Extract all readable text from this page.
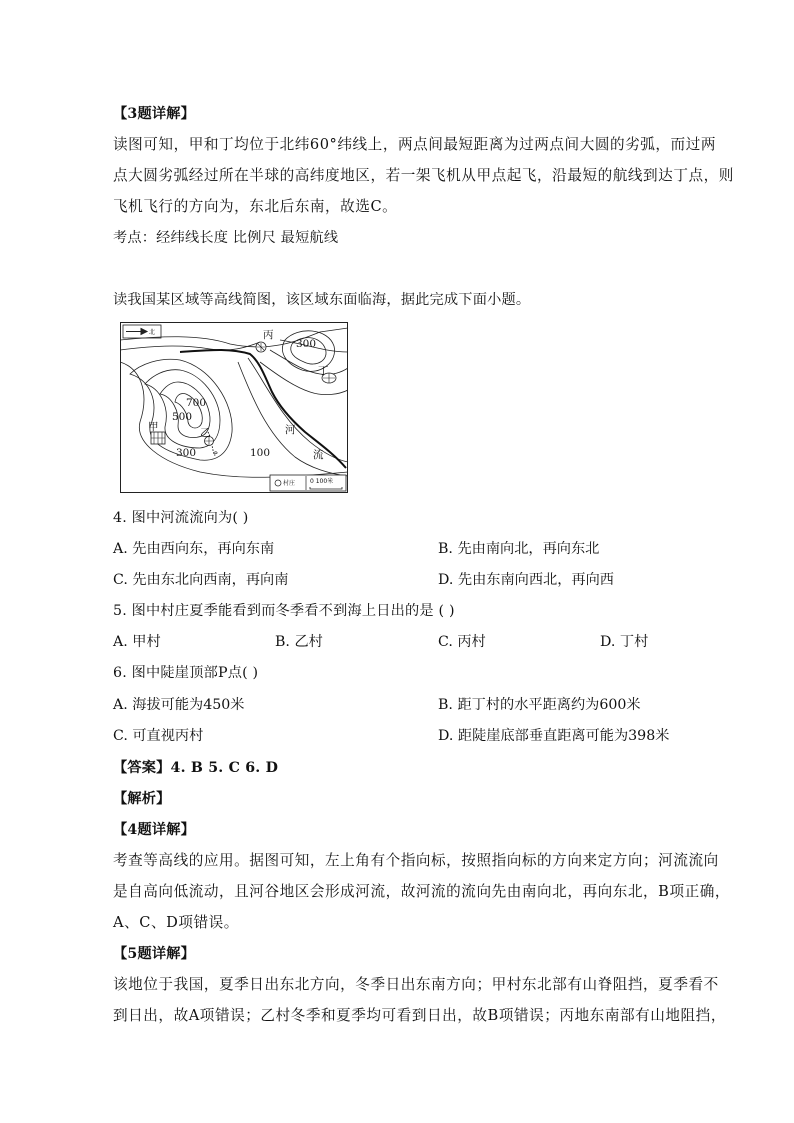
【3题详解】
读图可知，甲和丁均位于北纬60°纬线上，两点间最短距离为过两点间大圆的劣弧，而过两
点大圆劣弧经过所在半球的高纬度地区，若一架飞机从甲点起飞，沿最短的航线到达丁点，则
飞机飞行的方向为，东北后东南，故选C。
考点：经纬线长度 比例尺 最短航线
读我国某区域等高线简图，该区域东面临海，据此完成下面小题。
北	丙
丁
甲	乙
P
700
500
300	100
300
河
流
村庄 0 100米
4. 图中河流流向为( )
A. 先由西向东，再向东南	B. 先由南向北，再向东北
C. 先由东北向西南，再向南	D. 先由东南向西北，再向西
5. 图中村庄夏季能看到而冬季看不到海上日出的是 ( )
A. 甲村	B. 乙村	C. 丙村	D. 丁村
6. 图中陡崖顶部P点( )
A. 海拔可能为450米	B. 距丁村的水平距离约为600米
C. 可直视丙村	D. 距陡崖底部垂直距离可能为398米
【答案】4. B 5. C 6. D
【解析】
【4题详解】
考查等高线的应用。据图可知，左上角有个指向标，按照指向标的方向来定方向；河流流向
是自高向低流动，且河谷地区会形成河流，故河流的流向先由南向北，再向东北，B项正确，
A、C、D项错误。
【5题详解】
该地位于我国，夏季日出东北方向，冬季日出东南方向；甲村东北部有山脊阻挡，夏季看不
到日出，故A项错误；乙村冬季和夏季均可看到日出，故B项错误；丙地东南部有山地阻挡，
